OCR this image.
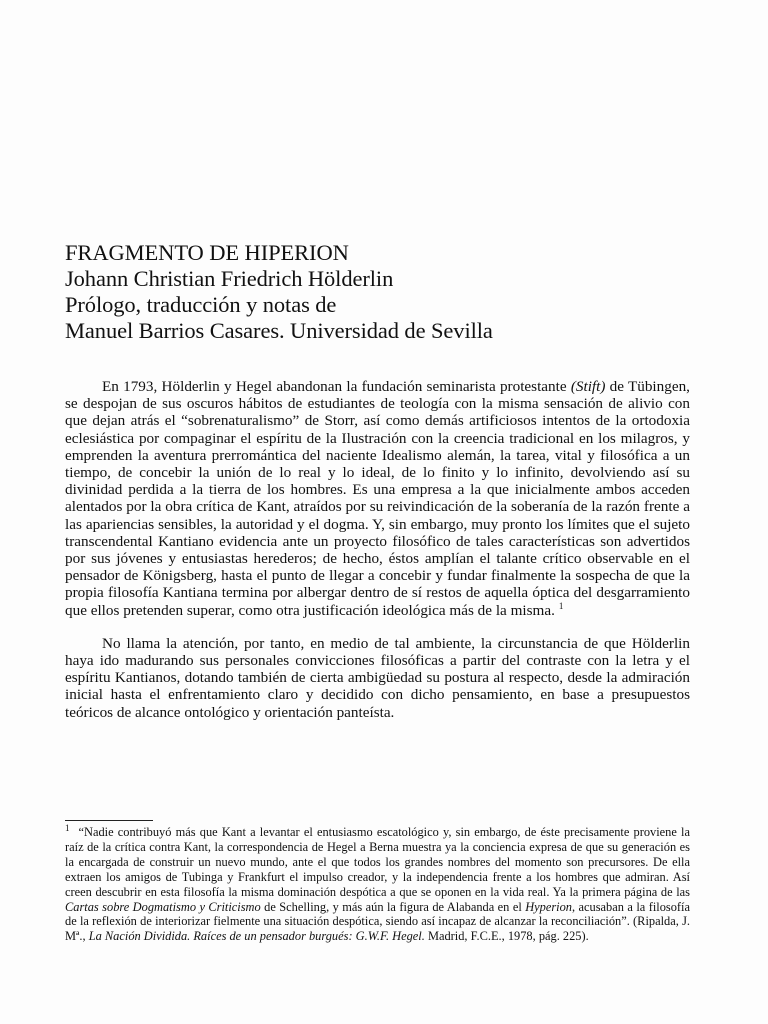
FRAGMENTO DE HIPERION
Johann Christian Friedrich Hölderlin
Prólogo, traducción y notas de
Manuel Barrios Casares. Universidad de Sevilla

En 1793, Hölderlin y Hegel abandonan la fundación seminarista protestante (Stift) de Tübingen, se despojan de sus oscuros hábitos de estudiantes de teología con la misma sensación de alivio con que dejan atrás el “sobrenaturalismo” de Storr, así como demás artificiosos intentos de la ortodoxia eclesiástica por compaginar el espíritu de la Ilustración con la creencia tradicional en los milagros, y emprenden la aventura prerromántica del naciente Idealismo alemán, la tarea, vital y filosófica a un tiempo, de concebir la unión de lo real y lo ideal, de lo finito y lo infinito, devolviendo así su divinidad perdida a la tierra de los hombres. Es una empresa a la que inicialmente ambos acceden alentados por la obra crítica de Kant, atraídos por su reivindicación de la soberanía de la razón frente a las apariencias sensibles, la autoridad y el dogma. Y, sin embargo, muy pronto los límites que el sujeto transcendental Kantiano evidencia ante un proyecto filosófico de tales características son advertidos por sus jóvenes y entusiastas herederos; de hecho, éstos amplían el talante crítico observable en el pensador de Königsberg, hasta el punto de llegar a concebir y fundar finalmente la sospecha de que la propia filosofía Kantiana termina por albergar dentro de sí restos de aquella óptica del desgarramiento que ellos pretenden superar, como otra justificación ideológica más de la misma. $^1$

No llama la atención, por tanto, en medio de tal ambiente, la circunstancia de que Hölderlin haya ido madurando sus personales convicciones filosóficas a partir del contraste con la letra y el espíritu Kantianos, dotando también de cierta ambigüedad su postura al respecto, desde la admiración inicial hasta el enfrentamiento claro y decidido con dicho pensamiento, en base a presupuestos teóricos de alcance ontológico y orientación panteísta.

$^1$ “Nadie contribuyó más que Kant a levantar el entusiasmo escatológico y, sin embargo, de éste precisamente proviene la raíz de la crítica contra Kant, la correspondencia de Hegel a Berna muestra ya la conciencia expresa de que su generación es la encargada de construir un nuevo mundo, ante el que todos los grandes nombres del momento son precursores. De ella extraen los amigos de Tubinga y Frankfurt el impulso creador, y la independencia frente a los hombres que admiran. Así creen descubrir en esta filosofía la misma dominación despótica a que se oponen en la vida real. Ya la primera página de las Cartas sobre Dogmatismo y Criticismo de Schelling, y más aún la figura de Alabanda en el Hyperion, acusaban a la filosofía de la reflexión de interiorizar fielmente una situación despótica, siendo así incapaz de alcanzar la reconciliación”. (Ripalda, J. Mª., La Nación Dividida. Raíces de un pensador burgués: G.W.F. Hegel. Madrid, F.C.E., 1978, pág. 225).
